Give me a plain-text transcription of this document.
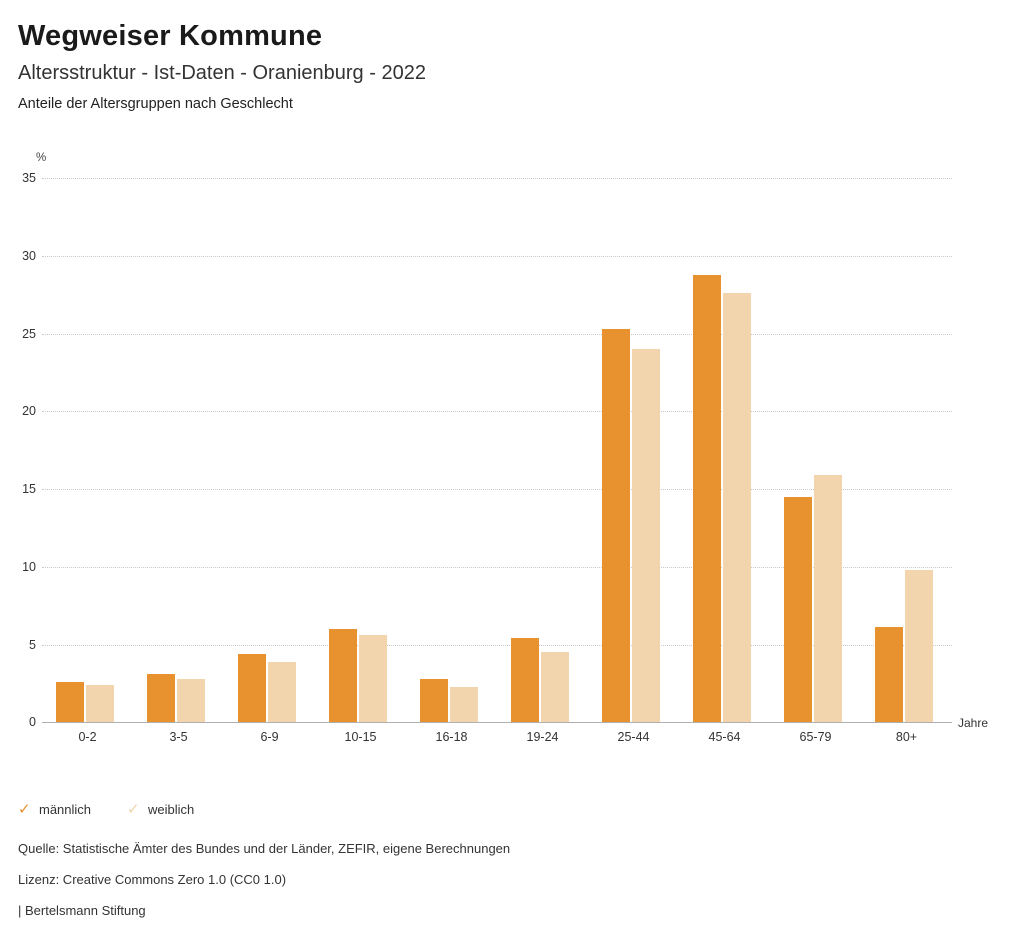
Wegweiser Kommune
Altersstruktur - Ist-Daten - Oranienburg - 2022
Anteile der Altersgruppen nach Geschlecht
%
0
5
10
15
20
25
30
35
0-2	3-5	6-9	10-15	16-18	19-24	25-44	45-64	65-79	80+
Jahre
✓ männlich ✓ weiblich
Quelle: Statistische Ämter des Bundes und der Länder, ZEFIR, eigene Berechnungen
Lizenz: Creative Commons Zero 1.0 (CC0 1.0)
| Bertelsmann Stiftung
